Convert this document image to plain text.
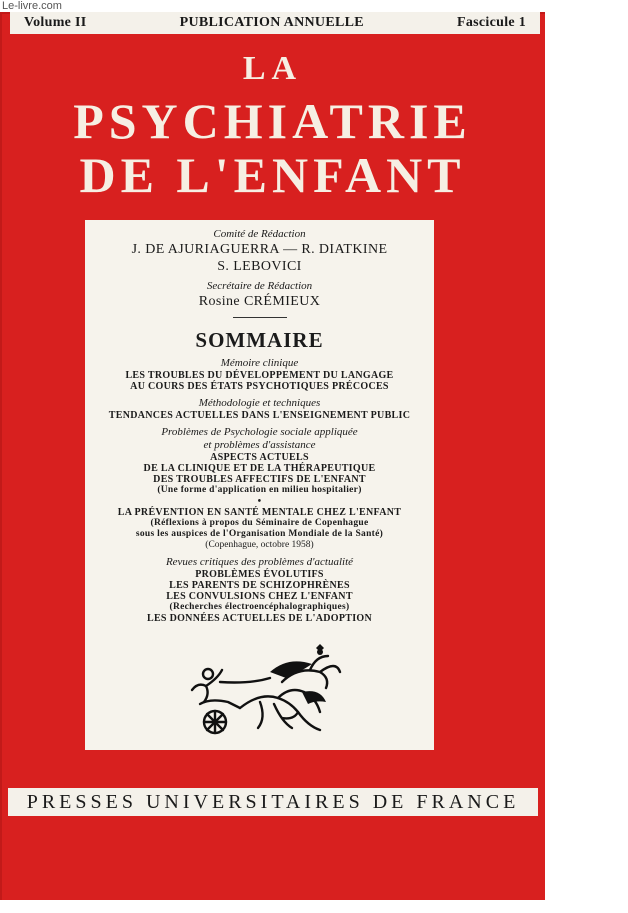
Le-livre.com
Volume II	PUBLICATION ANNUELLE	Fascicule 1
LA
PSYCHIATRIE
DE L'ENFANT
Comité de Rédaction
J. DE AJURIAGUERRA — R. DIATKINE
S. LEBOVICI
Secrétaire de Rédaction
Rosine CRÉMIEUX
SOMMAIRE
Mémoire clinique
LES TROUBLES DU DÉVELOPPEMENT DU LANGAGE
AU COURS DES ÉTATS PSYCHOTIQUES PRÉCOCES
Méthodologie et techniques
TENDANCES ACTUELLES DANS L'ENSEIGNEMENT PUBLIC
Problèmes de Psychologie sociale appliquée
et problèmes d'assistance
ASPECTS ACTUELS
DE LA CLINIQUE ET DE LA THÉRAPEUTIQUE
DES TROUBLES AFFECTIFS DE L'ENFANT
(Une forme d'application en milieu hospitalier)
•
LA PRÉVENTION EN SANTÉ MENTALE CHEZ L'ENFANT
(Réflexions à propos du Séminaire de Copenhague
sous les auspices de l'Organisation Mondiale de la Santé)
(Copenhague, octobre 1958)
Revues critiques des problèmes d'actualité
PROBLÈMES ÉVOLUTIFS
LES PARENTS DE SCHIZOPHRÈNES
LES CONVULSIONS CHEZ L'ENFANT
(Recherches électroencéphalographiques)
LES DONNÉES ACTUELLES DE L'ADOPTION
PRESSES UNIVERSITAIRES DE FRANCE
